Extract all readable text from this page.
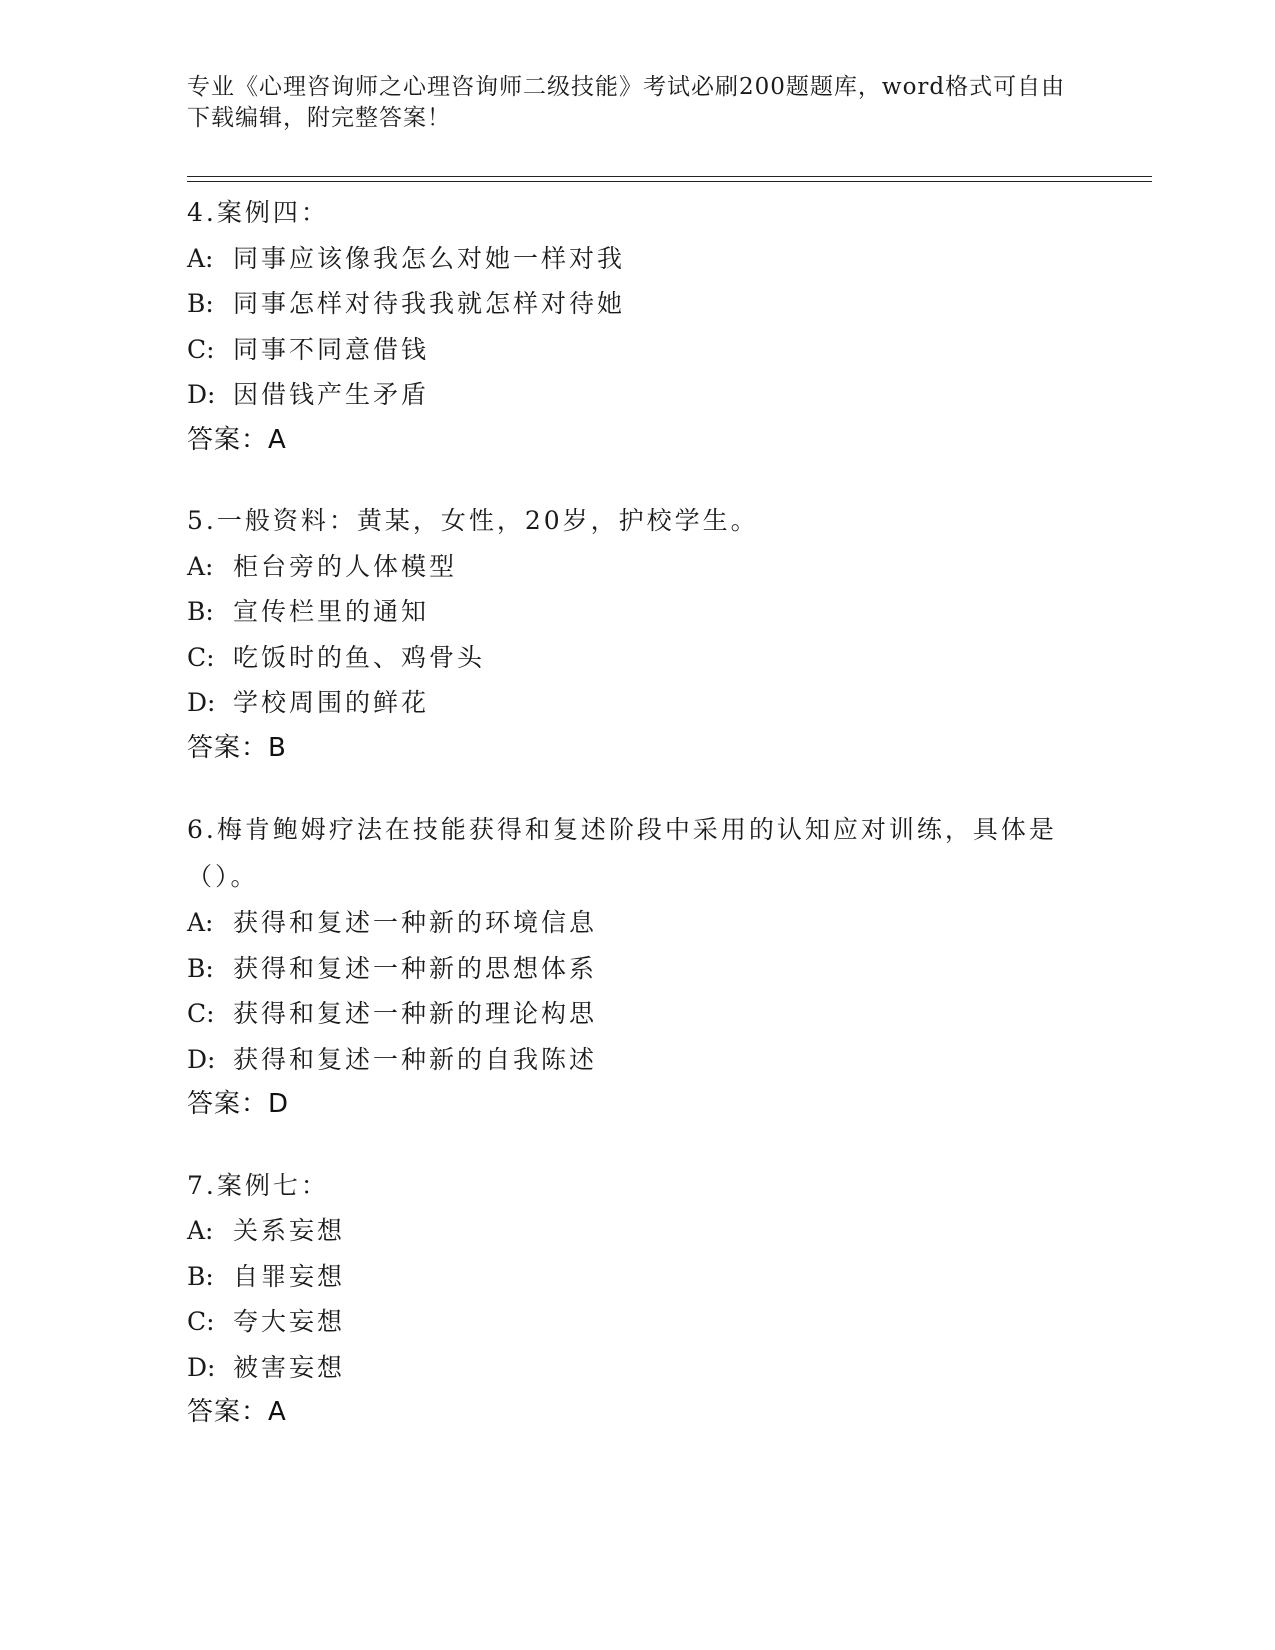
专业《心理咨询师之心理咨询师二级技能》考试必刷200题题库，word格式可自由下载编辑，附完整答案！
4.案例四：
A: 同事应该像我怎么对她一样对我
B: 同事怎样对待我我就怎样对待她
C: 同事不同意借钱
D: 因借钱产生矛盾
答案：A
5.一般资料：黄某，女性，20岁，护校学生。
A: 柜台旁的人体模型
B: 宣传栏里的通知
C: 吃饭时的鱼、鸡骨头
D: 学校周围的鲜花
答案：B
6.梅肯鲍姆疗法在技能获得和复述阶段中采用的认知应对训练，具体是（）。
A: 获得和复述一种新的环境信息
B: 获得和复述一种新的思想体系
C: 获得和复述一种新的理论构思
D: 获得和复述一种新的自我陈述
答案：D
7.案例七：
A: 关系妄想
B: 自罪妄想
C: 夸大妄想
D: 被害妄想
答案：A
